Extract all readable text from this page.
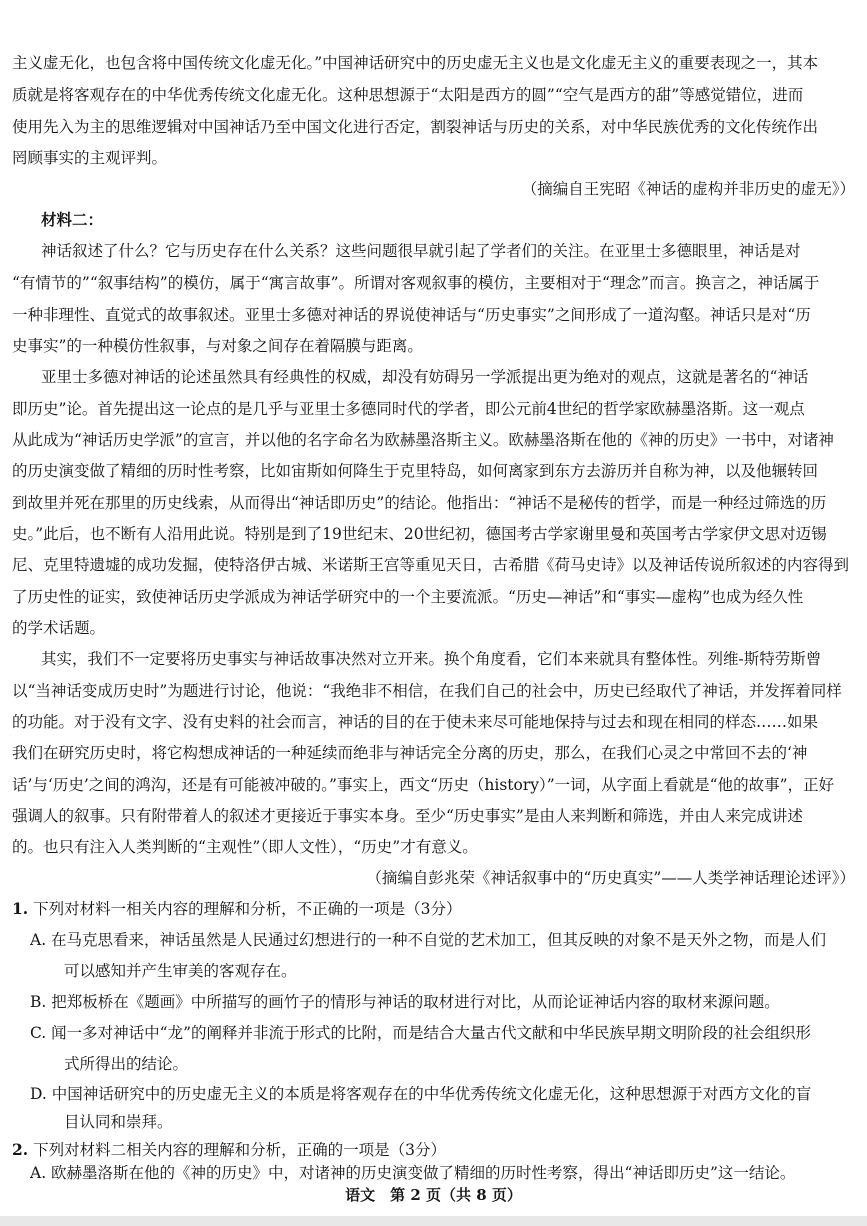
主义虚无化，也包含将中国传统文化虚无化。”中国神话研究中的历史虚无主义也是文化虚无主义的重要表现之一，其本
质就是将客观存在的中华优秀传统文化虚无化。这种思想源于“太阳是西方的圆”“空气是西方的甜”等感觉错位，进而
使用先入为主的思维逻辑对中国神话乃至中国文化进行否定，割裂神话与历史的关系，对中华民族优秀的文化传统作出
罔顾事实的主观评判。
（摘编自王宪昭《神话的虚构并非历史的虚无》）
材料二：
神话叙述了什么？它与历史存在什么关系？这些问题很早就引起了学者们的关注。在亚里士多德眼里，神话是对
“有情节的”“叙事结构”的模仿，属于“寓言故事”。所谓对客观叙事的模仿，主要相对于“理念”而言。换言之，神话属于
一种非理性、直觉式的故事叙述。亚里士多德对神话的界说使神话与“历史事实”之间形成了一道沟壑。神话只是对“历
史事实”的一种模仿性叙事，与对象之间存在着隔膜与距离。
亚里士多德对神话的论述虽然具有经典性的权威，却没有妨碍另一学派提出更为绝对的观点，这就是著名的“神话
即历史”论。首先提出这一论点的是几乎与亚里士多德同时代的学者，即公元前4世纪的哲学家欧赫墨洛斯。这一观点
从此成为“神话历史学派”的宣言，并以他的名字命名为欧赫墨洛斯主义。欧赫墨洛斯在他的《神的历史》一书中，对诸神
的历史演变做了精细的历时性考察，比如宙斯如何降生于克里特岛，如何离家到东方去游历并自称为神，以及他辗转回
到故里并死在那里的历史线索，从而得出“神话即历史”的结论。他指出：“神话不是秘传的哲学，而是一种经过筛选的历
史。”此后，也不断有人沿用此说。特别是到了19世纪末、20世纪初，德国考古学家谢里曼和英国考古学家伊文思对迈锡
尼、克里特遗墟的成功发掘，使特洛伊古城、米诺斯王宫等重见天日，古希腊《荷马史诗》以及神话传说所叙述的内容得到
了历史性的证实，致使神话历史学派成为神话学研究中的一个主要流派。“历史—神话”和“事实—虚构”也成为经久性
的学术话题。
其实，我们不一定要将历史事实与神话故事决然对立开来。换个角度看，它们本来就具有整体性。列维-斯特劳斯曾
以“当神话变成历史时”为题进行讨论，他说：“我绝非不相信，在我们自己的社会中，历史已经取代了神话，并发挥着同样
的功能。对于没有文字、没有史料的社会而言，神话的目的在于使未来尽可能地保持与过去和现在相同的样态……如果
我们在研究历史时，将它构想成神话的一种延续而绝非与神话完全分离的历史，那么，在我们心灵之中常回不去的‘神
话’与‘历史’之间的鸿沟，还是有可能被冲破的。”事实上，西文“历史（history）”一词，从字面上看就是“他的故事”，正好
强调人的叙事。只有附带着人的叙述才更接近于事实本身。至少“历史事实”是由人来判断和筛选，并由人来完成讲述
的。也只有注入人类判断的“主观性”（即人文性），“历史”才有意义。
（摘编自彭兆荣《神话叙事中的“历史真实”——人类学神话理论述评》）
1. 下列对材料一相关内容的理解和分析，不正确的一项是（3分）
A. 在马克思看来，神话虽然是人民通过幻想进行的一种不自觉的艺术加工，但其反映的对象不是天外之物，而是人们
可以感知并产生审美的客观存在。
B. 把郑板桥在《题画》中所描写的画竹子的情形与神话的取材进行对比，从而论证神话内容的取材来源问题。
C. 闻一多对神话中“龙”的阐释并非流于形式的比附，而是结合大量古代文献和中华民族早期文明阶段的社会组织形
式所得出的结论。
D. 中国神话研究中的历史虚无主义的本质是将客观存在的中华优秀传统文化虚无化，这种思想源于对西方文化的盲
目认同和崇拜。
2. 下列对材料二相关内容的理解和分析，正确的一项是（3分）
语文　第 2 页（共 8 页）
A. 欧赫墨洛斯在他的《神的历史》中，对诸神的历史演变做了精细的历时性考察，得出“神话即历史”这一结论。
